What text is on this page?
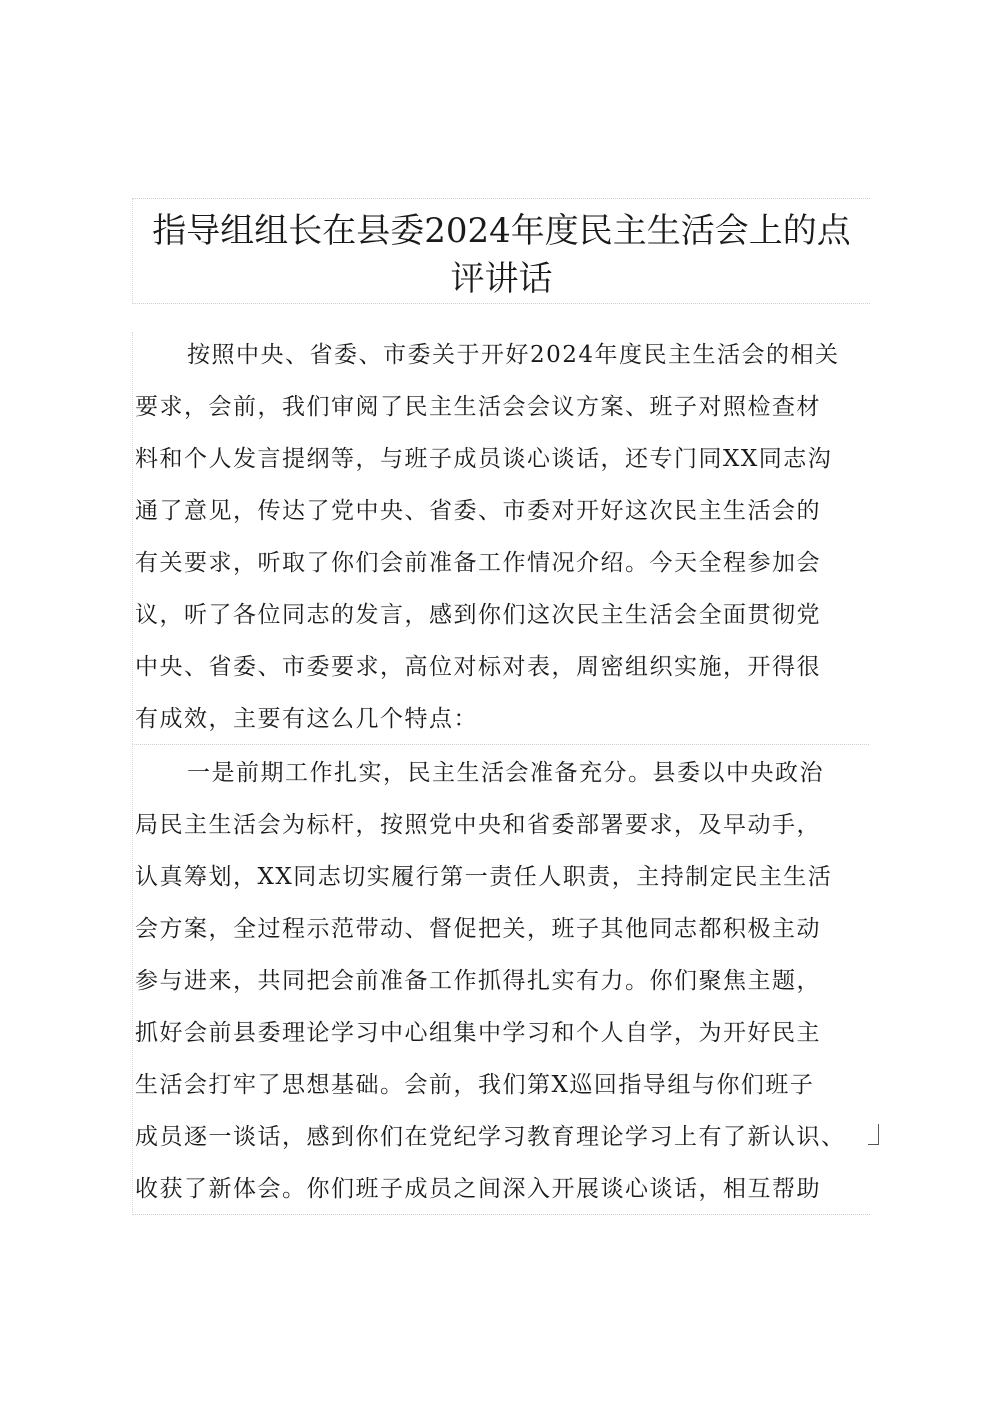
指导组组长在县委2024年度民主生活会上的点
评讲话
按照中央、省委、市委关于开好2024年度民主生活会的相关
要求，会前，我们审阅了民主生活会会议方案、班子对照检查材
料和个人发言提纲等，与班子成员谈心谈话，还专门同XX同志沟
通了意见，传达了党中央、省委、市委对开好这次民主生活会的
有关要求，听取了你们会前准备工作情况介绍。今天全程参加会
议，听了各位同志的发言，感到你们这次民主生活会全面贯彻党
中央、省委、市委要求，高位对标对表，周密组织实施，开得很
有成效，主要有这么几个特点：
一是前期工作扎实，民主生活会准备充分。县委以中央政治
局民主生活会为标杆，按照党中央和省委部署要求，及早动手，
认真筹划，XX同志切实履行第一责任人职责，主持制定民主生活
会方案，全过程示范带动、督促把关，班子其他同志都积极主动
参与进来，共同把会前准备工作抓得扎实有力。你们聚焦主题，
抓好会前县委理论学习中心组集中学习和个人自学，为开好民主
生活会打牢了思想基础。会前，我们第X巡回指导组与你们班子
成员逐一谈话，感到你们在党纪学习教育理论学习上有了新认识、
收获了新体会。你们班子成员之间深入开展谈心谈话，相互帮助
